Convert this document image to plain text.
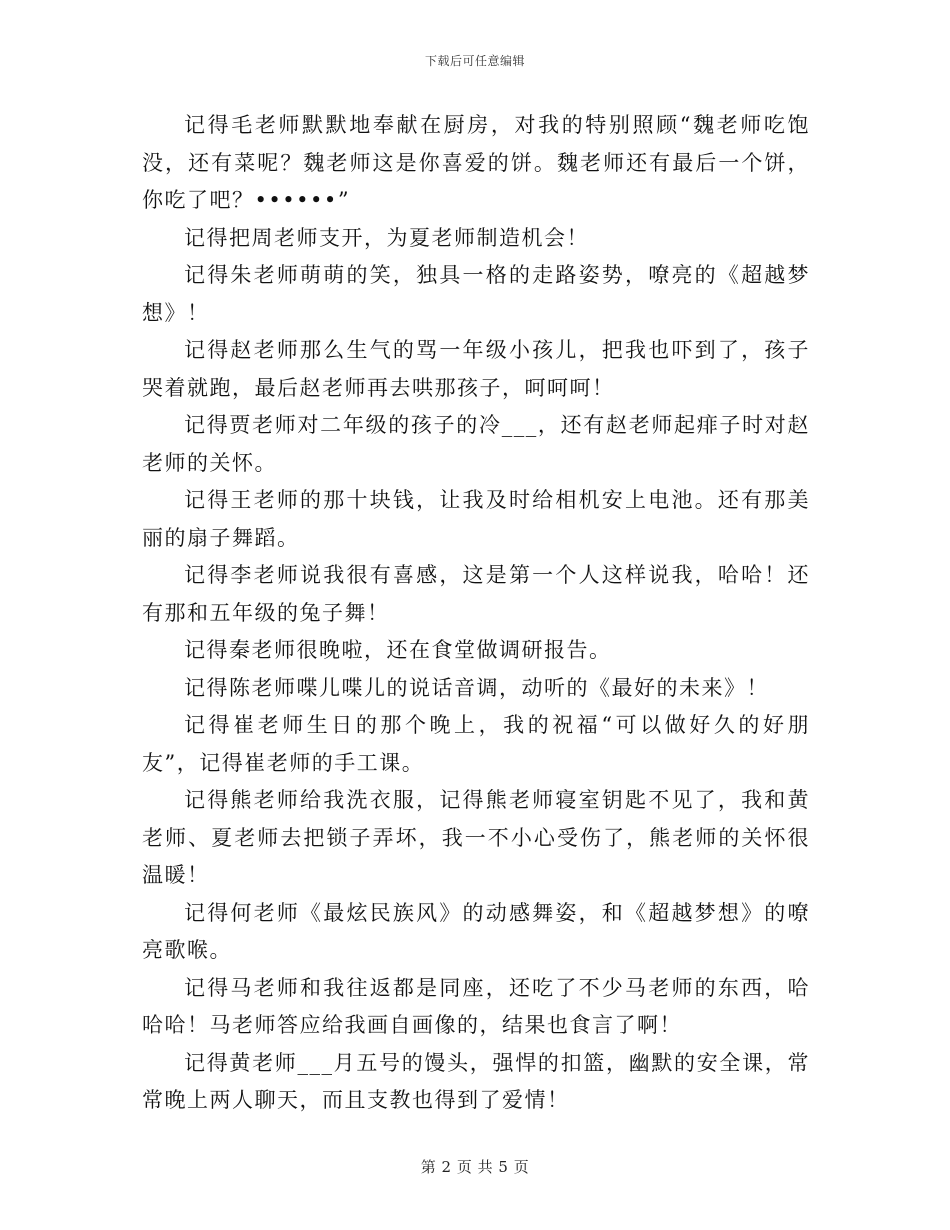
下载后可任意编辑

记得毛老师默默地奉献在厨房，对我的特别照顾“魏老师吃饱没，还有菜呢？魏老师这是你喜爱的饼。魏老师还有最后一个饼，你吃了吧？••••••”

记得把周老师支开，为夏老师制造机会！

记得朱老师萌萌的笑，独具一格的走路姿势，嘹亮的《超越梦想》！

记得赵老师那么生气的骂一年级小孩儿，把我也吓到了，孩子哭着就跑，最后赵老师再去哄那孩子，呵呵呵！

记得贾老师对二年级的孩子的冷___，还有赵老师起痱子时对赵老师的关怀。

记得王老师的那十块钱，让我及时给相机安上电池。还有那美丽的扇子舞蹈。

记得李老师说我很有喜感，这是第一个人这样说我，哈哈！还有那和五年级的兔子舞！

记得秦老师很晚啦，还在食堂做调研报告。

记得陈老师喋儿喋儿的说话音调，动听的《最好的未来》！

记得崔老师生日的那个晚上，我的祝福“可以做好久的好朋友”，记得崔老师的手工课。

记得熊老师给我洗衣服，记得熊老师寝室钥匙不见了，我和黄老师、夏老师去把锁子弄坏，我一不小心受伤了，熊老师的关怀很温暖！

记得何老师《最炫民族风》的动感舞姿，和《超越梦想》的嘹亮歌喉。

记得马老师和我往返都是同座，还吃了不少马老师的东西，哈哈哈！马老师答应给我画自画像的，结果也食言了啊！

记得黄老师___月五号的馒头，强悍的扣篮，幽默的安全课，常常晚上两人聊天，而且支教也得到了爱情！

第 2 页 共 5 页
